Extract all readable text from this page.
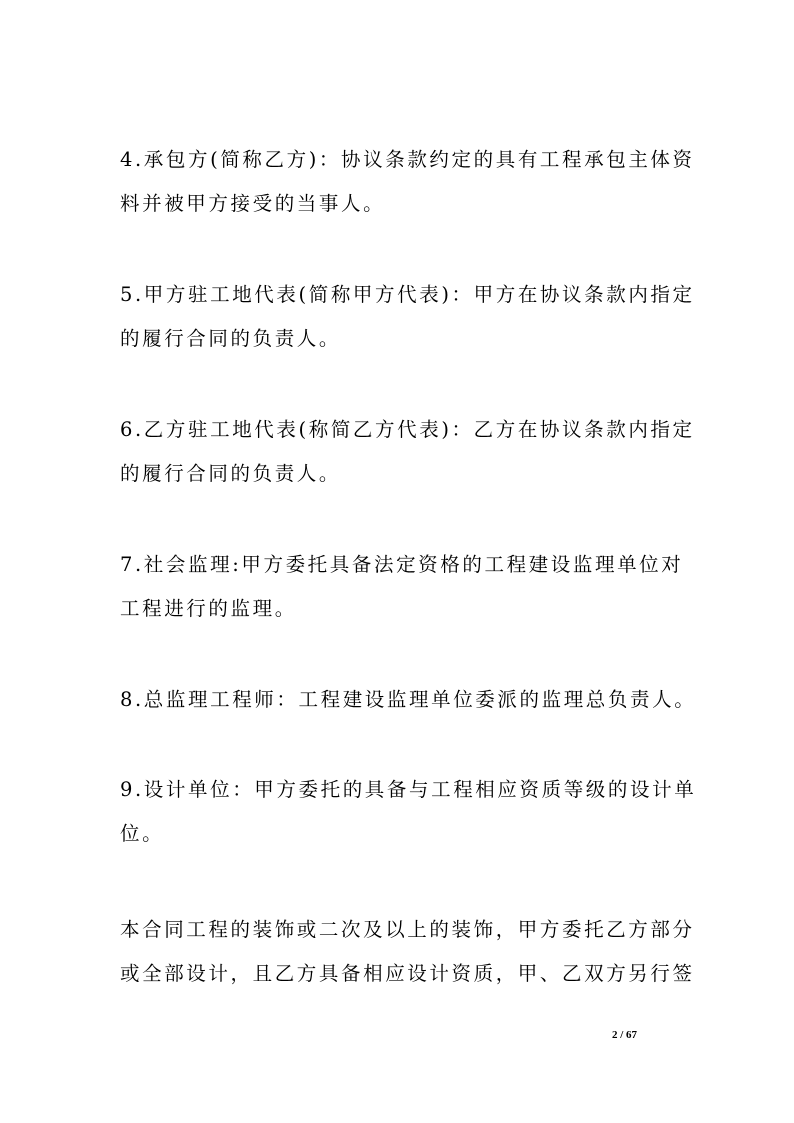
4.承包方(简称乙方)：协议条款约定的具有工程承包主体资
料并被甲方接受的当事人。

5.甲方驻工地代表(简称甲方代表)：甲方在协议条款内指定
的履行合同的负责人。

6.乙方驻工地代表(称简乙方代表)：乙方在协议条款内指定
的履行合同的负责人。

7.社会监理:甲方委托具备法定资格的工程建设监理单位对
工程进行的监理。

8.总监理工程师：工程建设监理单位委派的监理总负责人。

9.设计单位：甲方委托的具备与工程相应资质等级的设计单
位。

本合同工程的装饰或二次及以上的装饰，甲方委托乙方部分
或全部设计，且乙方具备相应设计资质，甲、乙双方另行签

2 / 67
